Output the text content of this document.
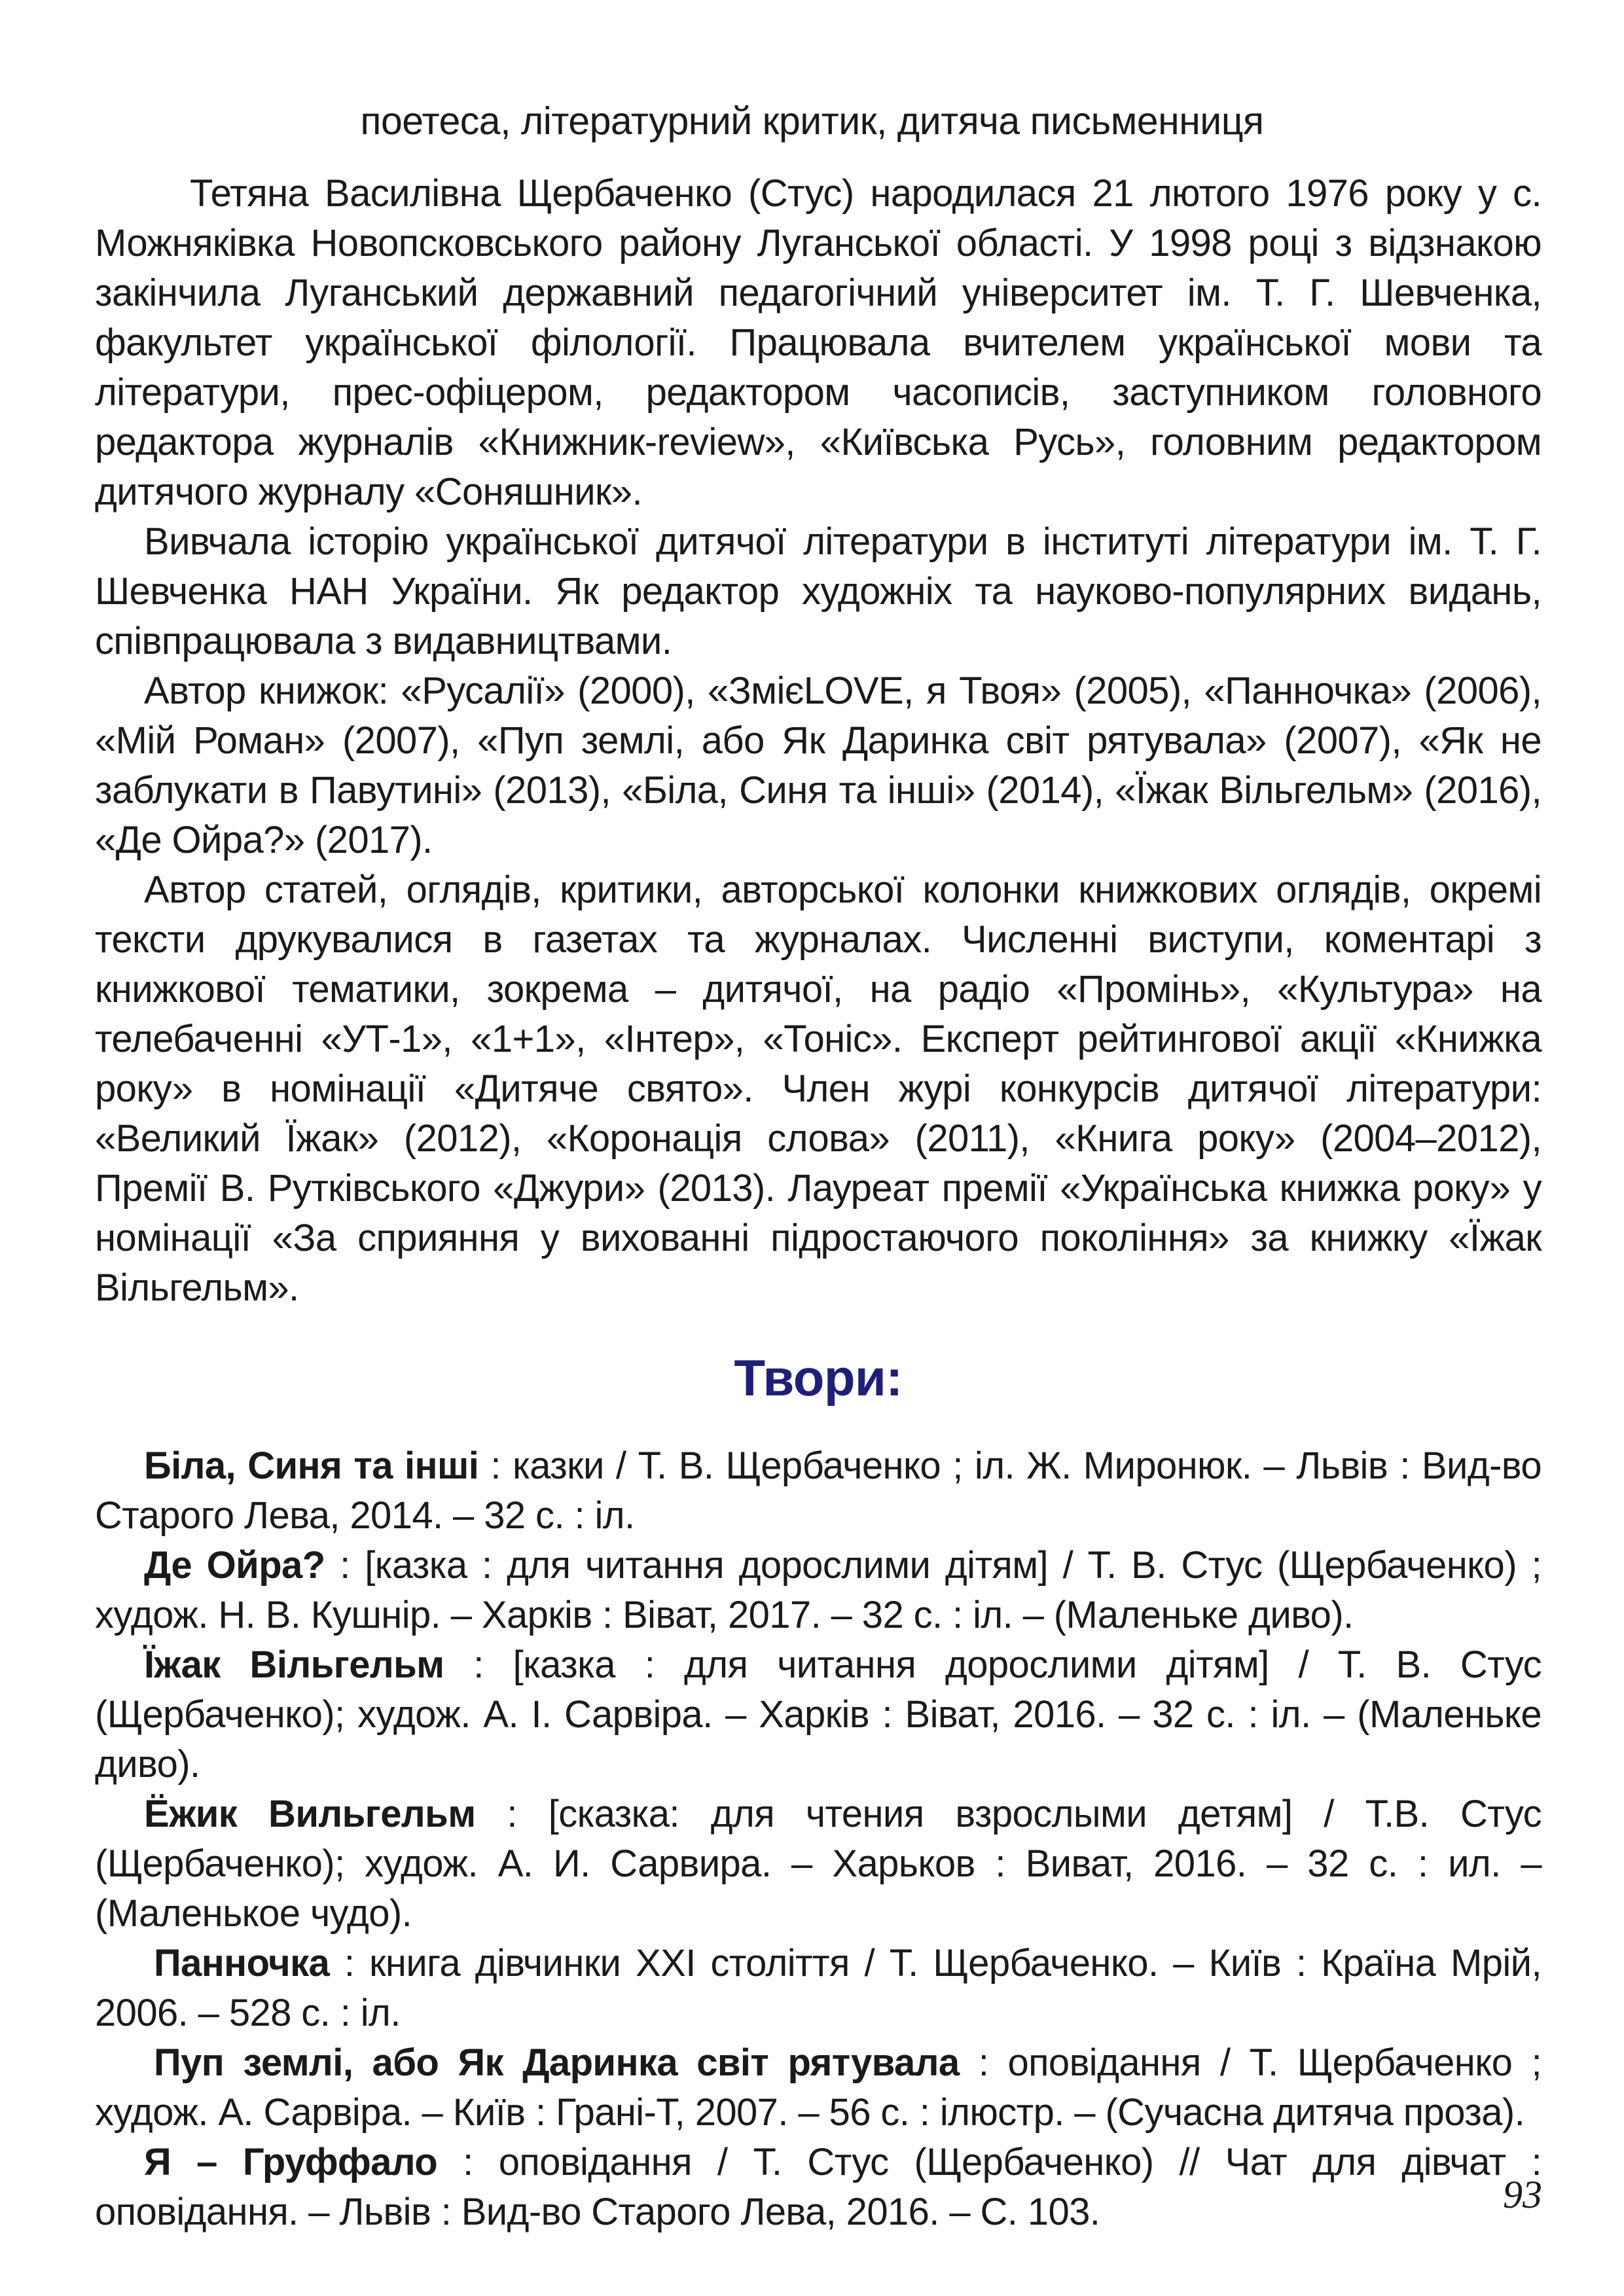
поетеса, літературний критик, дитяча письменниця

Тетяна Василівна Щербаченко (Стус) народилася 21 лютого 1976 року у с. Можняківка Новопсковського району Луганської області. У 1998 році з відзнакою закінчила Луганський державний педагогічний університет ім. Т. Г. Шевченка, факультет української філології. Працювала вчителем української мови та літератури, прес-офіцером, редактором часописів, заступником головного редактора журналів «Книжник-review», «Київська Русь», головним редактором дитячого журналу «Соняшник».

Вивчала історію української дитячої літератури в інституті літератури ім. Т. Г. Шевченка НАН України. Як редактор художніх та науково-популярних видань, співпрацювала з видавництвами.

Автор книжок: «Русалії» (2000), «ЗмієLOVE, я Твоя» (2005), «Панночка» (2006), «Мій Роман» (2007), «Пуп землі, або Як Даринка світ рятувала» (2007), «Як не заблукати в Павутині» (2013), «Біла, Синя та інші» (2014), «Їжак Вільгельм» (2016), «Де Ойра?» (2017).

Автор статей, оглядів, критики, авторської колонки книжкових оглядів, окремі тексти друкувалися в газетах та журналах. Численні виступи, коментарі з книжкової тематики, зокрема – дитячої, на радіо «Промінь», «Культура» на телебаченні «УТ-1», «1+1», «Інтер», «Тоніс». Експерт рейтингової акції «Книжка року» в номінації «Дитяче свято». Член журі конкурсів дитячої літератури: «Великий Їжак» (2012), «Коронація слова» (2011), «Книга року» (2004–2012), Премії В. Рутківського «Джури» (2013). Лауреат премії «Українська книжка року» у номінації «За сприяння у вихованні підростаючого покоління» за книжку «Їжак Вільгельм».

Твори:

Біла, Синя та інші : казки / Т. В. Щербаченко ; іл. Ж. Миронюк. – Львів : Вид-во Старого Лева, 2014. – 32 с. : іл.

Де Ойра? : [казка : для читання дорослими дітям] / Т. В. Стус (Щербаченко) ; худож. Н. В. Кушнір. – Харків : Віват, 2017. – 32 с. : іл. – (Маленьке диво).

Їжак Вільгельм : [казка : для читання дорослими дітям] / Т. В. Стус (Щербаченко); худож. А. І. Сарвіра. – Харків : Віват, 2016. – 32 с. : іл. – (Маленьке диво).

Ёжик Вильгельм : [сказка: для чтения взрослыми детям] / Т.В. Стус (Щербаченко); худож. А. И. Сарвира. – Харьков : Виват, 2016. – 32 с. : ил. – (Маленькое чудо).

Панночка : книга дівчинки XXI століття / Т. Щербаченко. – Київ : Країна Мрій, 2006. – 528 с. : іл.

Пуп землі, або Як Даринка світ рятувала : оповідання / Т. Щербаченко ; худож. А. Сарвіра. – Київ : Грані-Т, 2007. – 56 с. : ілюстр. – (Сучасна дитяча проза).

Я – Груффало : оповідання / Т. Стус (Щербаченко) // Чат для дівчат : оповідання. – Львів : Вид-во Старого Лева, 2016. – С. 103.	93
